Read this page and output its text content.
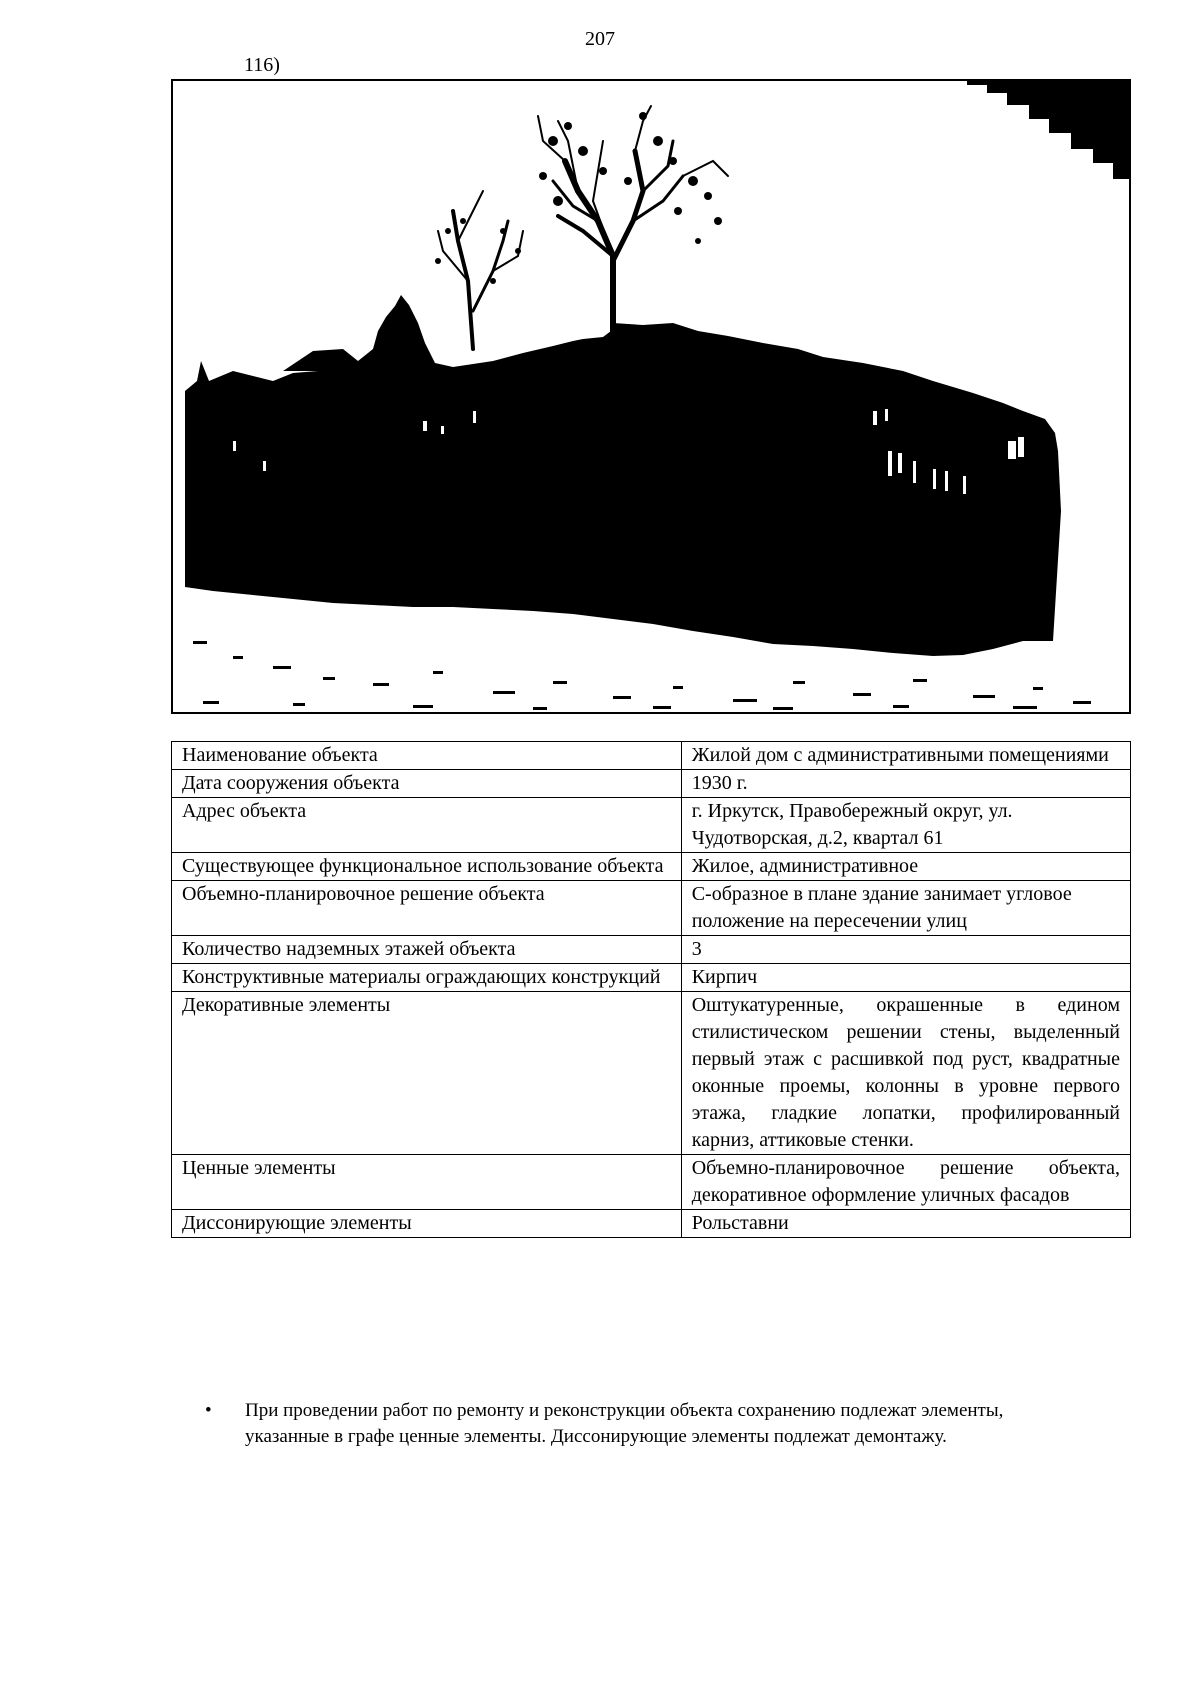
207
116)
Наименование объекта	Жилой дом с административными помещениями
Дата сооружения объекта	1930 г.
Адрес объекта	г. Иркутск, Правобережный округ, ул. Чудотворская, д.2, квартал 61
Существующее функциональное использование объекта	Жилое, административное
Объемно-планировочное решение объекта	С-образное в плане здание занимает угловое положение на пересечении улиц
Количество надземных этажей объекта	3
Конструктивные материалы ограждающих конструкций	Кирпич
Декоративные элементы	Оштукатуренные, окрашенные в едином стилистическом решении стены, выделенный первый этаж с расшивкой под руст, квадратные оконные проемы, колонны в уровне первого этажа, гладкие лопатки, профилированный карниз, аттиковые стенки.
Ценные элементы	Объемно-планировочное решение объекта, декоративное оформление уличных фасадов
Диссонирующие элементы	Рольставни
•	При проведении работ по ремонту и реконструкции объекта сохранению подлежат элементы, указанные в графе ценные элементы. Диссонирующие элементы подлежат демонтажу.
